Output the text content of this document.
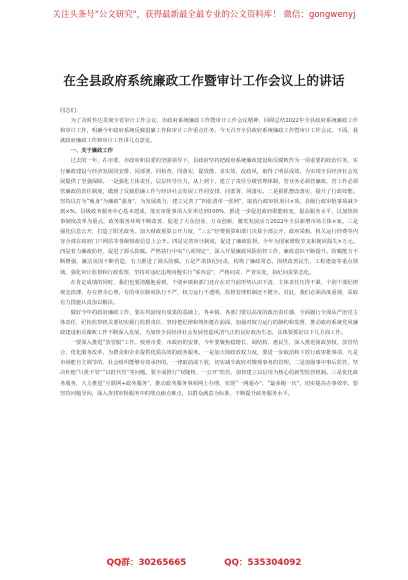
关注头条号"公文研究"，获得最新最全最专业的公文资料库！ 微信：gongwenyj
在全县政府系统廉政工作暨审计工作会议上的讲话

同志们：

为了及时传达贯彻全省审计工作会议、市政府系统廉政工作暨审计工作会议精神，回顾总结2022年全县政府系统廉政工作和审计工作，明确今年政府系统反腐倡廉工作和审计工作重点任务，今天召开全县政府系统廉政工作暨审计工作会议。下面，我就政府廉政工作和审计工作讲几点意见。

一、关于廉政工作

过去的一年，在市委、市政府和县委的坚强领导下，县政府坚持把政府系统廉政建设和反腐败作为一项重要的政治任务，实行廉政建设与经济发展同安排、同部署、同检查、同落实，提效能、求实效、改政风，取得了明显成效。为实现全县经济社会发展提供了坚强保障。一是强化主体责任，层层传导压力。从上到下，建立了责任分级管理体制，管业务必须管廉政，管工作必须管廉政的责任制度，做到了反腐倡廉工作与经济社会发展工作同安排、同部署、同落实。二是狠抓整改落实，提升了行政效能。坚持以打为“瘦身”为廉政“强身”，为发展助力，建立完善了“四张清单一张网”，取消行政审批项目×项，县级行政审批事项减少到×%。县级政务服务中心基本建成，落实审批事项入驻率达到100%，推进一步促进政府职能转变，提高服务水平，以加快简事制度改革为重点，政务服务环境不断改善，促进了大众创业、万众创新，激发发展活力2022年全县新增市场主体×家。三是强化信息公开，打造了阳光政务。加大财政预算公开力度，“三公”经费预算和部门决算全部公开，政府采购、机关运行经费等内容全部在政府门户网站等各级财政信息上公开。四是完善审计制度，促进了廉政监督。全年为国家增收节支和挽回损失×万元。四是着力廉政防控，促进了源头防腐。严格执行中央“八项规定”，深入开展廉政风险防控工作，廉政意识不断提升。防腐能力不断增强，廉洁氛围不断营造，有力推进了源头防腐。五是严肃执纪问责，构筑了廉政常态。围绕改善民生，工程建设等重点领域，强化审计监督和行政监察，坚持对违纪违规问题实行“零容忍”，严格问责、严查实处，执纪问责常态化。

在肯定成绩的同时，我们也要清醒地看到，个别乡镇和部门还存在对当前形势认识不清，主体责任压得不紧，个别干部纪律观念淡薄，存在侥幸心理，有的单位制度执行不严，权力运行不透明，监督管理机制还不健全。对此，我们必须高度重视，采取有力措施认真加以解决。

做好今年的政府廉政工作，要在巩固现有成果的基础上，各乡镇、各部门要以高度的政治责任感，全面履行全面从严治党主体责任，纪检监察机关要切实履行监督责任，坚持把纪律和规矩挺在前面，加强对权力运行的制约和监督，推动政府系统党风廉政建设和反腐败工作不断深入发展，为加快全县经济社会发展营造风清气正的良好政治生态，具体要抓好以下几方面工作。

一要深入推进“放管服”工作。按照市委、市政府的安排，今年要聚焦稳增长、调结构、惠民生，深入推进简政放权、放管结合、优化服务改革，为群众和企业提供优质高效的政务服务。一是加大简政放权力度，要进一步取消和下放行政审批事项，凡是市场能自主调节的、社会组织能够有效承担的，一律取消或下放，切实减少政府对微观事务的管理。二是加强事中事后监管，坚决杜绝“只批不管”“以批代管”等问题。要全面推行“双随机、一公开”监管，加快建立以信用为核心的新型监管机制。三是优化政务服务，大力推进“互联网+政务服务”，推动政务服务事项网上办理，实现“一网通办”、“最多跑一次”，切实提高办事效率。要坚持问题导向，深入查找审批服务中的堵点痛点难点，以群众满意为标准，不断提升政务服务水平。

QQ群：30265665	QQ：535304092
